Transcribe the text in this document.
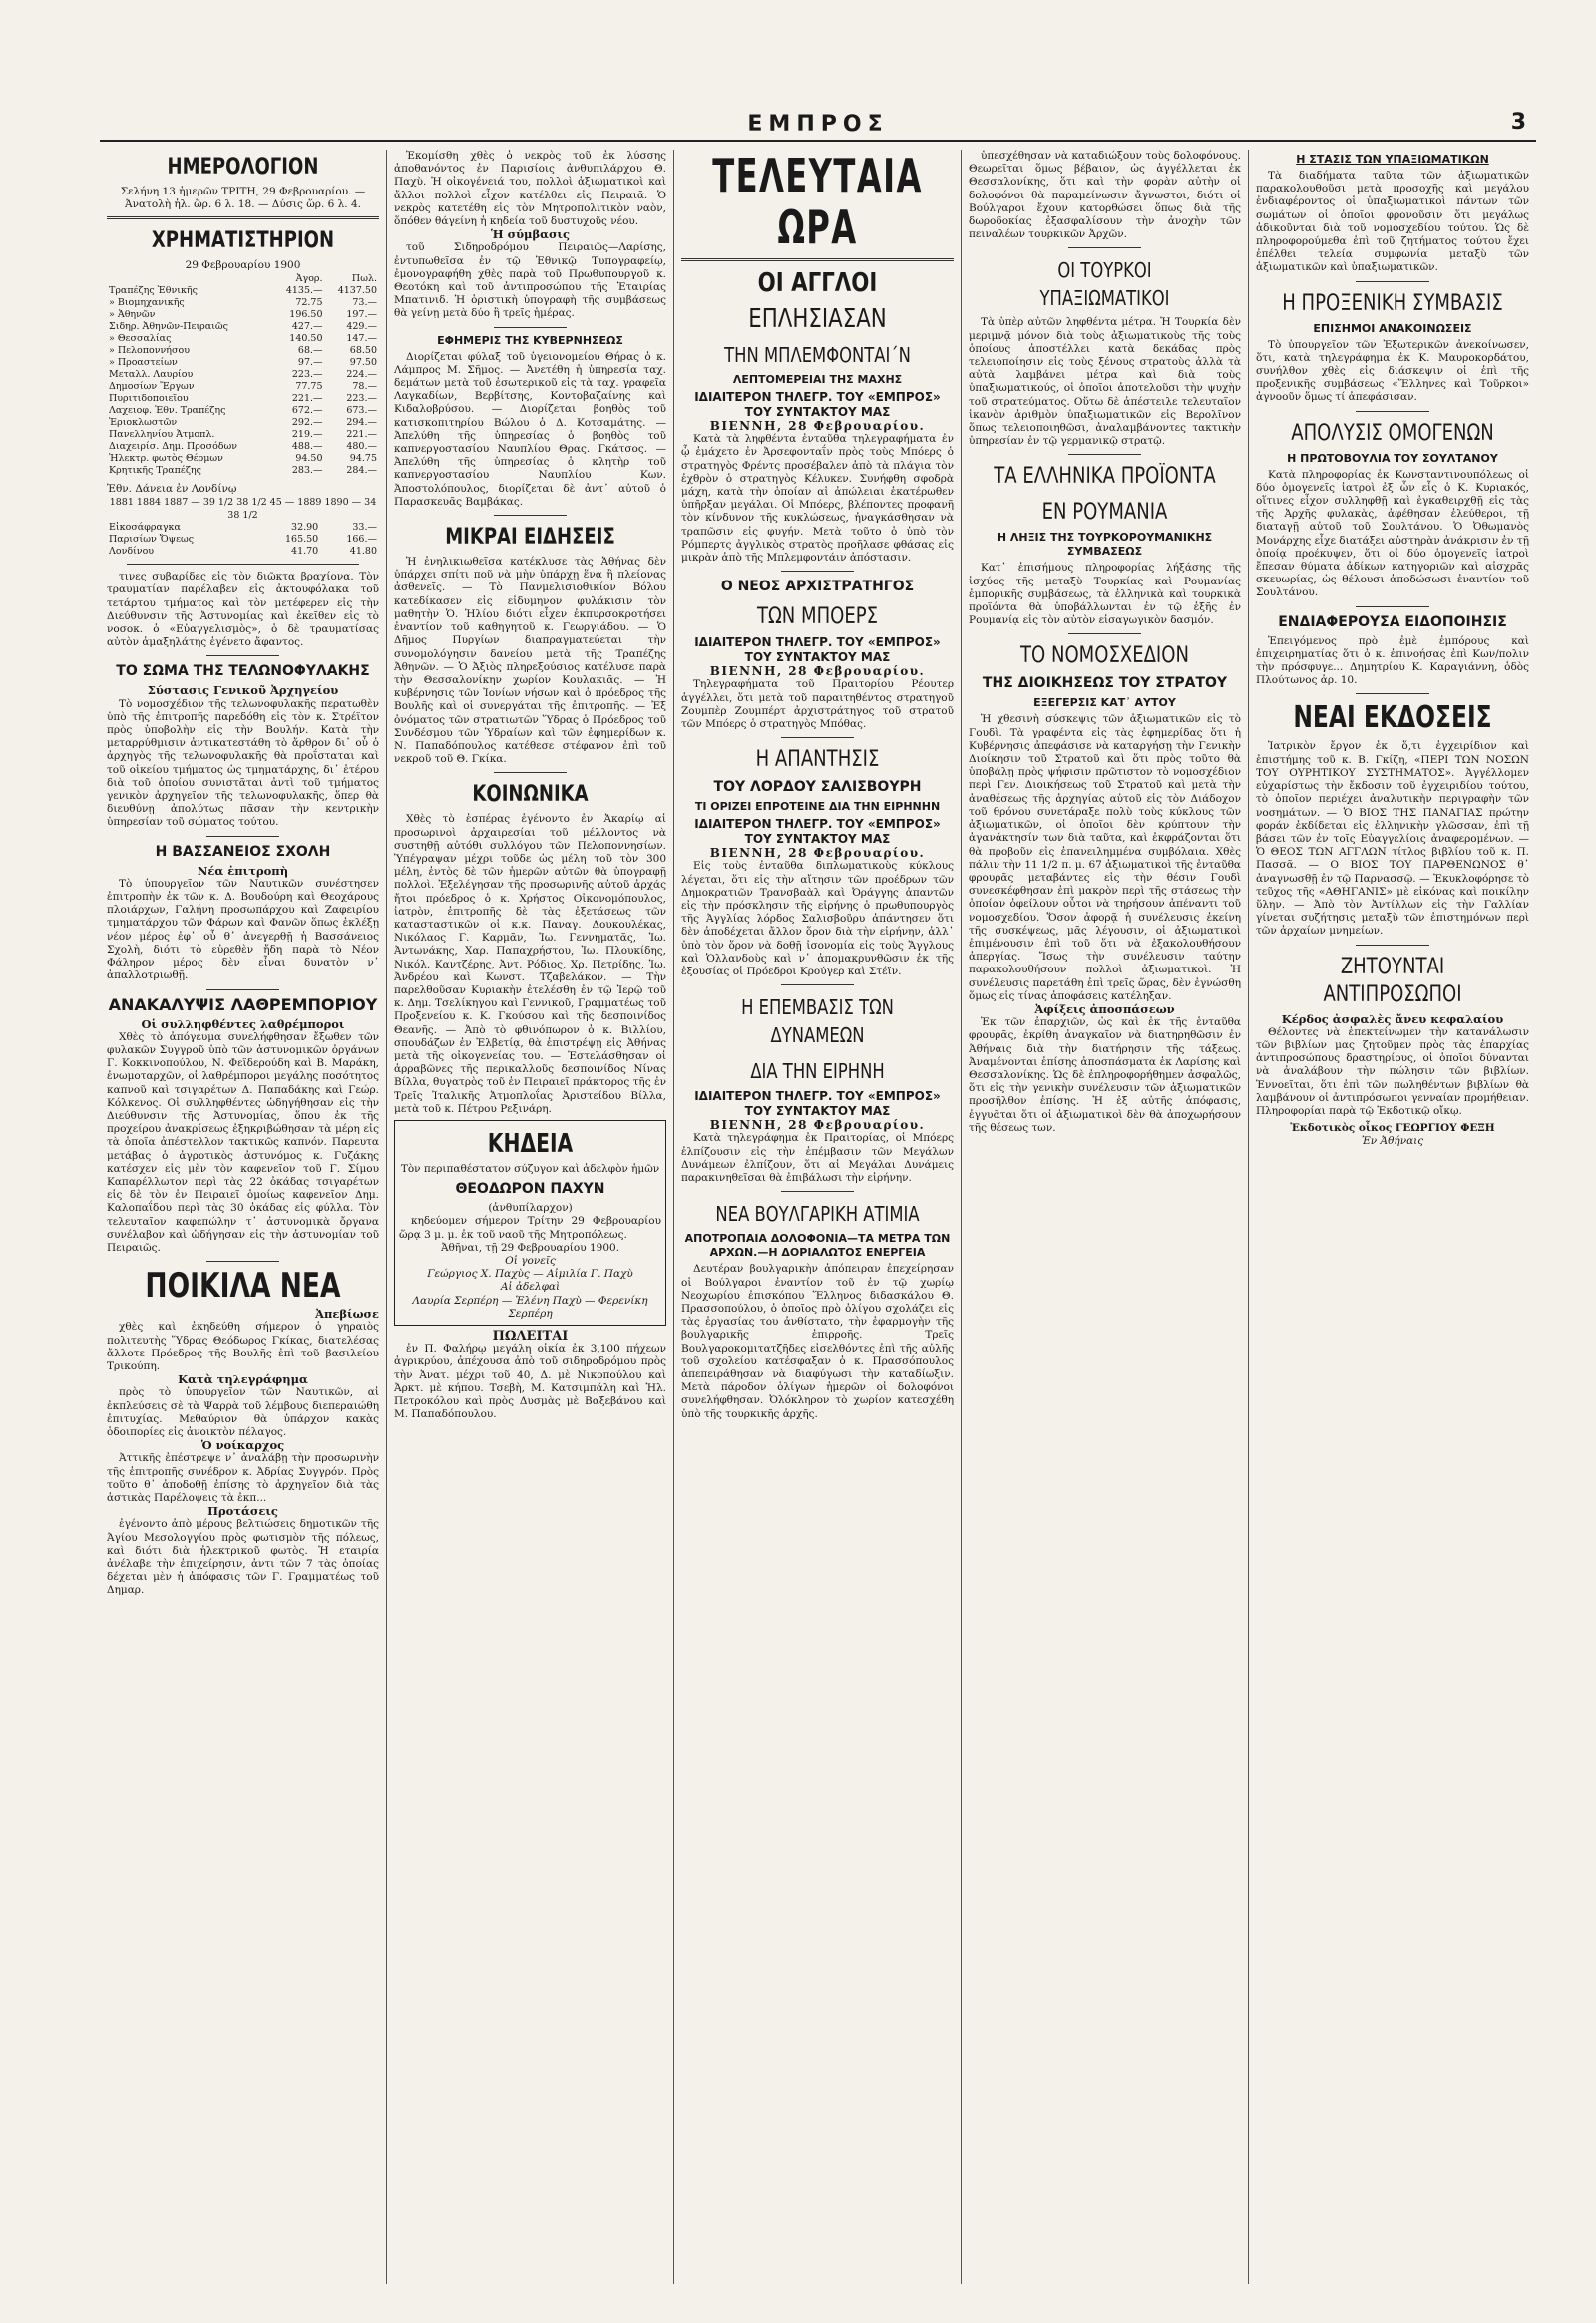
ΕΜΠΡΟΣ	3
ΗΜΕΡΟΛΟΓΙΟΝ

Σελήνη 13 ἡμερῶν ΤΡΙΤΗ, 29 Φεβρουαρίου. — Ἀνατολὴ ἡλ. ὥρ. 6 λ. 18. — Δύσις ὥρ. 6 λ. 4.

ΧΡΗΜΑΤΙΣΤΗΡΙΟΝ

29 Φεβρουαρίου 1900

	Ἀγορ.	Πωλ.
Τραπέζης Ἐθνικῆς	4135.—	4137.50
» Βιομηχανικῆς	72.75	73.—
» Ἀθηνῶν	196.50	197.—
Σιδηρ. Ἀθηνῶν-Πειραιῶς	427.—	429.—
» Θεσσαλίας	140.50	147.—
» Πελοποννήσου	68.—	68.50
» Προαστείων	97.—	97.50
Μεταλλ. Λαυρίου	223.—	224.—
Δημοσίων Ἔργων	77.75	78.—
Πυριτιδοποιεῖου	221.—	223.—
Λαχειοφ. Ἐθν. Τραπέζης	672.—	673.—
Ἐριοκλωστῶν	292.—	294.—
Πανελληνίου Ἀτμοπλ.	219.—	221.—
Διαχειρίσ. Δημ. Προσόδων	488.—	480.—
Ἠλεκτρ. φωτὸς Θέρμων	94.50	94.75
Κρητικῆς Τραπέζης	283.—	284.—
Ἐθν. Δάνεια ἐν Λονδίνῳ
1881 1884 1887 — 39 1/2 38 1/2 45 — 1889 1890 — 34 38 1/2
Εἰκοσάφραγκα	32.90	33.—
Παρισίων Ὄψεως	165.50	166.—
Λονδίνου	41.70	41.80

τινες συβαρίδες εἰς τὸν διῶκτα βραχίονα. Τὸν τραυματίαν παρέλαβεν εἰς ἀκτουφόλακα τοῦ τετάρτου τμήματος καὶ τὸν μετέφερεν εἰς τὴν Διεύθυνσιν τῆς Ἀστυνομίας καὶ ἐκεῖθεν εἰς τὸ νοσοκ. ὁ «Εὐαγγελισμὸς», ὁ δὲ τραυματίσας αὐτὸν ἀμαξηλάτης ἐγένετο ἄφαντος.

ΤΟ ΣΩΜΑ ΤΗΣ ΤΕΛΩΝΟΦΥΛΑΚΗΣ

Σύστασις Γενικοῦ Ἀρχηγείου

Τὸ νομοσχέδιον τῆς τελωνοφυλακῆς περατωθὲν ὑπὸ τῆς ἐπιτροπῆς παρεδόθη εἰς τὸν κ. Στρέϊτον πρὸς ὑποβολὴν εἰς τὴν Βουλήν. Κατὰ τὴν μεταρρύθμισιν ἀντικατεστάθη τὸ ἄρθρον δι᾽ οὗ ὁ ἀρχηγὸς τῆς τελωνοφυλακῆς θὰ προΐσταται καὶ τοῦ οἰκείου τμήματος ὡς τμηματάρχης, δι᾽ ἑτέρου διὰ τοῦ ὁποίου συνιστᾶται ἀντὶ τοῦ τμήματος γενικὸν ἀρχηγεῖον τῆς τελωνοφυλακῆς, ὅπερ θὰ διευθύνῃ ἀπολύτως πᾶσαν τὴν κεντρικὴν ὑπηρεσίαν τοῦ σώματος τούτου.

Η ΒΑΣΣΑΝΕΙΟΣ ΣΧΟΛΗ

Νέα ἐπιτροπὴ

Τὸ ὑπουργεῖον τῶν Ναυτικῶν συνέστησεν ἐπιτροπὴν ἐκ τῶν κ. Δ. Βουδούρη καὶ Θεοχάρους πλοιάρχων, Γαλήνη προσωπάρχου καὶ Ζαφειρίου τμηματάρχου τῶν Φάρων καὶ Φανῶν ὅπως ἐκλέξῃ νέον μέρος ἐφ᾽ οὗ θ᾽ ἀνεγερθῇ ἡ Βασσάνειος Σχολὴ, διότι τὸ εὑρεθὲν ἤδη παρὰ τὸ Νέον Φάληρον μέρος δὲν εἶναι δυνατὸν ν᾽ ἀπαλλοτριωθῇ.

ΑΝΑΚΑΛΥΨΙΣ ΛΑΘΡΕΜΠΟΡΙΟΥ

Οἱ συλληφθέντες λαθρέμποροι

Χθὲς τὸ ἀπόγευμα συνελήφθησαν ἔξωθεν τῶν φυλακῶν Συγγροῦ ὑπὸ τῶν ἀστυνομικῶν ὀργάνων Γ. Κοκκινοπούλου, Ν. Φεϊδερούδη καὶ Β. Μαράκη, ἐνωμοταρχῶν, οἱ λαθρέμποροι μεγάλης ποσότητος καπνοῦ καὶ τσιγαρέτων Δ. Παπαδάκης καὶ Γεώρ. Κόλκενος. Οἱ συλληφθέντες ὡδηγήθησαν εἰς τὴν Διεύθυνσιν τῆς Ἀστυνομίας, ὅπου ἐκ τῆς προχείρου ἀνακρίσεως ἐξηκριβώθησαν τὰ μέρη εἰς τὰ ὁποῖα ἀπέστελλον τακτικῶς καπνόν. Παρευτα μετάβας ὁ ἀγροτικὸς ἀστυνόμος κ. Γυζάκης κατέσχεν εἰς μὲν τὸν καφενεῖον τοῦ Γ. Σίμου Καπαρέλλωτον περὶ τὰς 22 ὀκάδας τσιγαρέτων εἰς δὲ τὸν ἐν Πειραιεῖ ὁμοίως καφενεῖον Δημ. Καλοπαΐδου περὶ τὰς 30 ὀκάδας εἰς φύλλα. Τὸν τελευταῖον καφεπώλην τ᾽ ἀστυνομικὰ ὄργανα συνέλαβον καὶ ὡδήγησαν εἰς τὴν ἀστυνομίαν τοῦ Πειραιῶς.

ΠΟΙΚΙΛΑ ΝΕΑ

Ἀπεβίωσε

χθὲς καὶ ἐκηδεύθη σήμερον ὁ γηραιὸς πολιτευτὴς Ὕδρας Θεόδωρος Γκίκας, διατελέσας ἄλλοτε Πρόεδρος τῆς Βουλῆς ἐπὶ τοῦ βασιλείου Τρικούπη.

Κατὰ τηλεγράφημα

πρὸς τὸ ὑπουργεῖον τῶν Ναυτικῶν, αἱ ἐκπλεύσεις σὲ τὰ Ψαρρὰ τοῦ λέμβους διεπεραιώθη ἐπιτυχίας. Μεθαύριον θὰ ὑπάρχον κακὰς ὁδοιπορίες εἰς ἀνοικτὸν πέλαγος.

Ὁ νοίκαρχος

Ἀττικῆς ἐπέστρεψε ν᾽ ἀναλάβῃ τὴν προσωρινὴν τῆς ἐπιτροπῆς συνέδρον κ. Ἀδρίας Συγγρόν. Πρὸς τοῦτο θ᾽ ἀποδοθῇ ἐπίσης τὸ ἀρχηγεῖον διὰ τὰς ἀστικὰς Παρέλοψεις τὰ ἐκπ...

Προτάσεις

ἐγένοντο ἀπὸ μέρους βελτιώσεις δημοτικῶν τῆς Ἀγίου Μεσολογγίου πρὸς φωτισμὸν τῆς πόλεως, καὶ διότι διὰ ἠλεκτρικοῦ φωτὸς. Ἡ εταιρία ἀνέλαβε τὴν ἐπιχείρησιν, ἀντι τῶν 7 τὰς ὁποίας δέχεται μὲν ἡ ἀπόφασις τῶν Γ. Γραμματέως τοῦ Δημαρ.

Ἐκομίσθη χθὲς ὁ νεκρὸς τοῦ ἐκ λύσσης ἀποθανόντος ἐν Παρισίοις ἀνθυπιλάρχου Θ. Παχὺ. Ἡ οἰκογένειά του, πολλοὶ ἀξιωματικοὶ καὶ ἄλλοι πολλοὶ εἶχον κατέλθει εἰς Πειραιᾶ. Ὁ νεκρὸς κατετέθη εἰς τὸν Μητροπολιτικὸν ναὸν, ὅπόθεν θάγείνη ἡ κηδεία τοῦ δυστυχοῦς νέου.

Ἡ σύμβασις

τοῦ Σιδηροδρόμου Πειραιῶς—Λαρίσης, ἐντυπωθεῖσα ἐν τῷ Ἐθνικῷ Τυπογραφείῳ, ἐμονογραφήθη χθὲς παρὰ τοῦ Πρωθυπουργοῦ κ. Θεοτόκη καὶ τοῦ ἀντιπροσώπου τῆς Ἐταιρίας Μπατινιδ. Ἡ ὁριστικὴ ὑπογραφὴ τῆς συμβάσεως θὰ γείνῃ μετὰ δύο ἢ τρεῖς ἡμέρας.

ΕΦΗΜΕΡΙΣ ΤΗΣ ΚΥΒΕΡΝΗΣΕΩΣ

Διορίζεται φύλαξ τοῦ ὑγειονομείου Θήρας ὁ κ. Λάμπρος Μ. Σῆμος. — Ἀνετέθη ἡ ὑπηρεσία ταχ. δεμάτων μετὰ τοῦ ἐσωτερικοῦ εἰς τὰ ταχ. γραφεῖα Λαγκαδίων, Βερβίτσης, Κοντοβαζαίνης καὶ Κιδαλοβρύσου. — Διορίζεται βοηθὸς τοῦ κατισκοπιτηρίου Βώλου ὁ Δ. Κοτσαμάτης. — Ἀπελύθη τῆς ὑπηρεσίας ὁ βοηθὸς τοῦ καπνεργοστασίου Ναυπλίου Θρας. Γκάτσος. — Ἀπελύθη τῆς ὑπηρεσίας ὁ κλητὴρ τοῦ καπνεργοστασίου Ναυπλίου Κων. Ἀποστολόπουλος, διορίζεται δὲ ἀντ᾽ αὐτοῦ ὁ Παρασκευᾶς Βαμβάκας.

ΜΙΚΡΑΙ ΕΙΔΗΣΕΙΣ

Ἡ ἐνηλικιωθεῖσα κατέκλυσε τὰς Ἀθήνας δὲν ὑπάρχει σπίτι ποῦ νὰ μὴν ὑπάρχῃ ἕνα ἢ πλείονας ἀσθενεῖς. — Τὸ Πανμελισιοθικίον Βόλου κατεδίκασεν εἰς εἰδυμηνον φυλάκισιν τὸν μαθητὴν Ὁ. Ἠλίου διότι εἶχεν ἐκπυρσοκροτήσει ἐναντίον τοῦ καθηγητοῦ κ. Γεωργιάδου. — Ὁ Δῆμος Πυργίων διαπραγματεύεται τὴν συνομολόγησιν δανείου μετὰ τῆς Τραπέζης Ἀθηνῶν. — Ὁ Ἀξιὸς πληρεξούσιος κατέλυσε παρὰ τὴν Θεσσαλονίκην χωρίον Κουλακιᾶς. — Ἡ κυβέρνησις τῶν Ἰονίων νήσων καὶ ὁ πρόεδρος τῆς Βουλῆς καὶ οἱ συνεργάται τῆς ἐπιτροπῆς. — Ἐξ ὀνόματος τῶν στρατιωτῶν Ὕδρας ὁ Πρόεδρος τοῦ Συνδέσμου τῶν Ὑδραίων καὶ τῶν ἐφημερίδων κ. Ν. Παπαδόπουλος κατέθεσε στέφανον ἐπὶ τοῦ νεκροῦ τοῦ Θ. Γκίκα.

ΚΟΙΝΩΝΙΚΑ

Χθὲς τὸ ἑσπέρας ἐγένοντο ἐν Ἀκαρίῳ αἱ προσωρινοὶ ἀρχαιρεσίαι τοῦ μέλλοντος νὰ συστηθῇ αὐτόθι συλλόγου τῶν Πελοποννησίων. Ὑπέγραψαν μέχρι τοῦδε ὡς μέλη τοῦ τὸν 300 μέλη, ἐντὸς δὲ τῶν ἡμερῶν αὐτῶν θὰ ὑπογραφῇ πολλοὶ. Ἐξελέγησαν τῆς προσωρινῆς αὐτοῦ ἀρχάς ἤτοι πρόεδρος ὁ κ. Χρήστος Οἰκονομόπουλος, ἰατρὸν, ἐπιτροπῆς δὲ τὰς ἐξετάσεως τῶν κατασταστικῶν οἱ κ.κ. Παναγ. Δουκουλέκας, Νικόλαος Γ. Καρμᾶν, Ἰω. Γεννηματᾶς, Ἰω. Ἀντωνάκης, Χαρ. Παπαχρήστου, Ἰω. Πλουκίδης, Νικόλ. Καντζέρης, Ἀντ. Ρόδιος, Χρ. Πετρίδης, Ἰω. Ἀνδρέου καὶ Κωνστ. Τζαβελάκον. — Τὴν παρελθοῦσαν Κυριακὴν ἐτελέσθη ἐν τῷ Ἱερῷ τοῦ κ. Δημ. Τσελίκηγου καὶ Γεννικοῦ, Γραμματέως τοῦ Προξενείου κ. Κ. Γκούσου καὶ τῆς δεσποινίδος Θεανῆς. — Ἀπὸ τὸ φθινόπωρον ὁ κ. Βιλλίου, σπουδάζων ἐν Ἑλβετίᾳ, θὰ ἐπιστρέψῃ εἰς Ἀθήνας μετὰ τῆς οἰκογενείας του. — Ἐστελάσθησαν οἱ ἀρραβῶνες τῆς περικαλλοῦς δεσποινίδος Νίνας Βίλλα, θυγατρὸς τοῦ ἐν Πειραιεῖ πράκτορος τῆς ἐν Τρεῖς Ἰταλικῆς Ἀτμοπλοΐας Ἀριστείδου Βίλλα, μετὰ τοῦ κ. Πέτρου Ρεξινάρη.

ΚΗΔΕΙΑ

Τὸν περιπαθέστατον σύζυγον καὶ ἀδελφὸν ἡμῶν

ΘΕΟΔΩΡΟΝ ΠΑΧΥΝ

(ἀνθυπίλαρχον)

κηδεύομεν σήμερον Τρίτην 29 Φεβρουαρίου ὥρᾳ 3 μ. μ. ἐκ τοῦ ναοῦ τῆς Μητροπόλεως.

Ἀθῆναι, τῇ 29 Φεβρουαρίου 1900.

Οἱ γονεῖς

Γεώργιος Χ. Παχὺς — Αἰμιλία Γ. Παχὺ

Αἱ ἀδελφαὶ

Λαυρία Σερπέρη — Ἑλένη Παχὺ — Φερενίκη Σερπέρη

ΠΩΛΕΙΤΑΙ

ἐν Π. Φαλήρῳ μεγάλη οἰκία ἐκ 3,100 πήχεων ἀγρικρύου, ἀπέχουσα ἀπὸ τοῦ σιδηροδρόμου πρὸς τὴν Ἀνατ. μέχρι τοῦ 40, Δ. μὲ Νικοπούλου καὶ Ἀρκτ. μὲ κήπου. Τσεβὴ, Μ. Κατσιμπάλη καὶ Ἠλ. Πετροκόλου καὶ πρὸς Δυσμὰς μὲ Βαξεβάνου καὶ Μ. Παπαδόπουλου.

ΤΕΛΕΥΤΑΙΑ ΩΡΑ
ΟΙ ΑΓΓΛΟΙ
ΕΠΛΗΣΙΑΣΑΝ
ΤΗΝ ΜΠΛΕΜΦΟΝΤΑΙ΄Ν
ΛΕΠΤΟΜΕΡΕΙΑΙ ΤΗΣ ΜΑΧΗΣ
ΙΔΙΑΙΤΕΡΟΝ ΤΗΛΕΓΡ. ΤΟΥ «ΕΜΠΡΟΣ» ΤΟΥ ΣΥΝΤΑΚΤΟΥ ΜΑΣ

ΒΙΕΝΝΗ, 28 Φεβρουαρίου.

Κατὰ τὰ ληφθέντα ἐνταῦθα τηλεγραφήματα ἐν ᾧ ἐμάχετο ἐν Ἀρσεφονταΐν πρὸς τοὺς Μπόερς ὁ στρατηγὸς Φρέντς προσέβαλεν ἀπὸ τὰ πλάγια τὸν ἐχθρὸν ὁ στρατηγὸς Κέλυκεν. Συνήφθη σφοδρὰ μάχη, κατὰ τὴν ὁποίαν αἱ ἀπώλειαι ἑκατέρωθεν ὑπῆρξαν μεγάλαι. Οἱ Μπόερς, βλέποντες προφανῆ τὸν κίνδυνον τῆς κυκλώσεως, ἠναγκάσθησαν νὰ τραπῶσιν εἰς φυγήν. Μετὰ τοῦτο ὁ ὑπὸ τὸν Ρόμπερτς ἀγγλικὸς στρατὸς προῆλασε φθάσας εἰς μικρὰν ἀπὸ τῆς Μπλεμφοντάιν ἀπόστασιν.

Ο ΝΕΟΣ ΑΡΧΙΣΤΡΑΤΗΓΟΣ
ΤΩΝ ΜΠΟΕΡΣ
ΙΔΙΑΙΤΕΡΟΝ ΤΗΛΕΓΡ. ΤΟΥ «ΕΜΠΡΟΣ» ΤΟΥ ΣΥΝΤΑΚΤΟΥ ΜΑΣ

ΒΙΕΝΝΗ, 28 Φεβρουαρίου.

Τηλεγραφήματα τοῦ Πραιτορίου Ρέουτερ ἀγγέλλει, ὅτι μετὰ τοῦ παραιτηθέντος στρατηγοῦ Ζουμπὲρ Ζουμπέρτ ἀρχιστράτηγος τοῦ στρατοῦ τῶν Μπόερς ὁ στρατηγὸς Μπόθας.

Η ΑΠΑΝΤΗΣΙΣ
ΤΟΥ ΛΟΡΔΟΥ ΣΑΛΙΣΒΟΥΡΗ
ΤΙ ΟΡΙΖΕΙ ΕΠΡΟΤΕΙΝΕ ΔΙΑ ΤΗΝ ΕΙΡΗΝΗΝ
ΙΔΙΑΙΤΕΡΟΝ ΤΗΛΕΓΡ. ΤΟΥ «ΕΜΠΡΟΣ» ΤΟΥ ΣΥΝΤΑΚΤΟΥ ΜΑΣ

ΒΙΕΝΝΗ, 28 Φεβρουαρίου.

Εἰς τοὺς ἐνταῦθα διπλωματικοὺς κύκλους λέγεται, ὅτι εἰς τὴν αἴτησιν τῶν προέδρων τῶν Δημοκρατιῶν Τρανσβαὰλ καὶ Ὀράγγης ἀπαντῶν εἰς τὴν πρόσκλησιν τῆς εἰρήνης ὁ πρωθυπουργὸς τῆς Ἀγγλίας λόρδος Σαλισβοῦρυ ἀπάντησεν ὅτι δὲν ἀποδέχεται ἄλλον ὅρον διὰ τὴν εἰρήνην, ἀλλ᾽ ὑπὸ τὸν ὅρον νὰ δοθῇ ἰσονομία εἰς τοὺς Ἄγγλους καὶ Ὁλλανδοὺς καὶ ν᾽ ἀπομακρυνθῶσιν ἐκ τῆς ἐξουσίας οἱ Πρόεδροι Κρούγερ καὶ Στέϊν.

Η ΕΠΕΜΒΑΣΙΣ ΤΩΝ ΔΥΝΑΜΕΩΝ
ΔΙΑ ΤΗΝ ΕΙΡΗΝΗ
ΙΔΙΑΙΤΕΡΟΝ ΤΗΛΕΓΡ. ΤΟΥ «ΕΜΠΡΟΣ» ΤΟΥ ΣΥΝΤΑΚΤΟΥ ΜΑΣ

ΒΙΕΝΝΗ, 28 Φεβρουαρίου.

Κατὰ τηλεγράφημα ἐκ Πραιτορίας, οἱ Μπόερς ἐλπίζουσιν εἰς τὴν ἐπέμβασιν τῶν Μεγάλων Δυνάμεων ἐλπίζουν, ὅτι αἱ Μεγάλαι Δυνάμεις παρακινηθεῖσαι θὰ ἐπιβάλωσι τὴν εἰρήνην.

ΝΕΑ ΒΟΥΛΓΑΡΙΚΗ ΑΤΙΜΙΑ
ΑΠΟΤΡΟΠΑΙΑ ΔΟΛΟΦΟΝΙΑ—ΤΑ ΜΕΤΡΑ ΤΩΝ ΑΡΧΩΝ.—Η ΔΟΡΙΑΛΩΤΟΣ ΕΝΕΡΓΕΙΑ

Δευτέραν βουλγαρικὴν ἀπόπειραν ἐπεχείρησαν οἱ Βούλγαροι ἐναντίον τοῦ ἐν τῷ χωρίῳ Νεοχωρίου ἐπισκόπου Ἕλληνος διδασκάλου Θ. Πρασσοπούλου, ὁ ὁποῖος πρὸ ὀλίγου σχολάζει εἰς τὰς ἐργασίας του ἀνθίστατο, τὴν ἐφαρμογὴν τῆς βουλγαρικῆς ἐπιρροῆς. Τρεῖς Βουλγαροκομιτατζῆδες εἰσελθόντες ἐπὶ τῆς αὐλῆς τοῦ σχολείου κατέσφαξαν ὁ κ. Πρασσόπουλος ἀπεπειράθησαν νὰ διαφύγωσι τὴν καταδίωξιν. Μετὰ πάροδον ὁλίγων ἡμερῶν οἱ δολοφόνοι συνελήφθησαν. Ὀλόκληρον τὸ χωρίον κατεσχέθη ὑπὸ τῆς τουρκικῆς ἀρχῆς.

ὑπεσχέθησαν νὰ καταδιώξουν τοὺς δολοφόνους. Θεωρεῖται ὅμως βέβαιον, ὡς ἀγγέλλεται ἐκ Θεσσαλονίκης, ὅτι καὶ τὴν φορὰν αὐτὴν οἱ δολοφόνοι θὰ παραμείνωσιν ἄγνωστοι, διότι οἱ Βούλγαροι ἔχουν κατορθώσει ὅπως διὰ τῆς δωροδοκίας ἐξασφαλίσουν τὴν ἀνοχὴν τῶν πειναλέων τουρκικῶν Ἀρχῶν.

ΟΙ ΤΟΥΡΚΟΙ ΥΠΑΞΙΩΜΑΤΙΚΟΙ

Τὰ ὑπὲρ αὐτῶν ληφθέντα μέτρα. Ἡ Τουρκία δὲν μεριμνᾷ μόνον διὰ τοὺς ἀξιωματικοὺς τῆς τοὺς ὁποίους ἀποστέλλει κατὰ δεκάδας πρὸς τελειοποίησιν εἰς τοὺς ξένους στρατοὺς ἀλλὰ τὰ αὐτὰ λαμβάνει μέτρα καὶ διὰ τοὺς ὑπαξιωματικούς, οἱ ὁποῖοι ἀποτελοῦσι τὴν ψυχὴν τοῦ στρατεύματος. Οὕτω δὲ ἀπέστειλε τελευταῖον ἱκανὸν ἀριθμὸν ὑπαξιωματικῶν εἰς Βερολῖνον ὅπως τελειοποιηθῶσι, ἀναλαμβάνοντες τακτικὴν ὑπηρεσίαν ἐν τῷ γερμανικῷ στρατῷ.

ΤΑ ΕΛΛΗΝΙΚΑ ΠΡΟΪΟΝΤΑ
ΕΝ ΡΟΥΜΑΝΙΑ
Η ΛΗΞΙΣ ΤΗΣ ΤΟΥΡΚΟΡΟΥΜΑΝΙΚΗΣ ΣΥΜΒΑΣΕΩΣ

Κατ᾽ ἐπισήμους πληροφορίας λήξάσης τῆς ἰσχύος τῆς μεταξὺ Τουρκίας καὶ Ρουμανίας ἐμπορικῆς συμβάσεως, τὰ ἑλληνικὰ καὶ τουρκικὰ προϊόντα θὰ ὑποβάλλωνται ἐν τῷ ἑξῆς ἐν Ρουμανίᾳ εἰς τὸν αὐτὸν εἰσαγωγικὸν δασμόν.

ΤΟ ΝΟΜΟΣΧΕΔΙΟΝ
ΤΗΣ ΔΙΟΙΚΗΣΕΩΣ ΤΟΥ ΣΤΡΑΤΟΥ
ΕΞΕΓΕΡΣΙΣ ΚΑΤ᾽ ΑΥΤΟΥ

Ἡ χθεσινὴ σύσκεψις τῶν ἀξιωματικῶν εἰς τὸ Γουδὶ. Τὰ γραφέντα εἰς τὰς ἐφημερίδας ὅτι ἡ Κυβέρνησις ἀπεφάσισε νὰ καταργήσῃ τὴν Γενικὴν Διοίκησιν τοῦ Στρατοῦ καὶ ὅτι πρὸς τοῦτο θὰ ὑποβάλῃ πρὸς ψήφισιν πρῶτιστον τὸ νομοσχέδιον περὶ Γεν. Διοικήσεως τοῦ Στρατοῦ καὶ μετὰ τὴν ἀναθέσεως τῆς ἀρχηγίας αὐτοῦ εἰς τὸν Διάδοχον τοῦ θρόνου συνετάραξε πολὺ τοὺς κύκλους τῶν ἀξιωματικῶν, οἱ ὁποῖοι δὲν κρύπτουν τὴν ἀγανάκτησίν των διὰ ταῦτα, καὶ ἐκφράζονται ὅτι θὰ προβοῦν εἰς ἐπανειλημμένα συμβόλαια. Χθὲς πάλιν τὴν 11 1/2 π. μ. 67 ἀξιωματικοὶ τῆς ἐνταῦθα φρουρᾶς μεταβάντες εἰς τὴν θέσιν Γουδὶ συνεσκέφθησαν ἐπὶ μακρὸν περὶ τῆς στάσεως τὴν ὁποίαν ὀφείλουν οὗτοι νὰ τηρήσουν ἀπέναντι τοῦ νομοσχεδίου. Ὅσον ἀφορᾷ ἡ συνέλευσις ἐκείνη τῆς συσκέψεως, μᾶς λέγουσιν, οἱ ἀξιωματικοὶ ἐπιμένουσιν ἐπὶ τοῦ ὅτι νὰ ἐξακολουθήσουν ἀπεργίας. Ἴσως τὴν συνέλευσιν ταύτην παρακολουθήσουν πολλοὶ ἀξιωματικοὶ. Ἡ συνέλευσις παρετάθη ἐπὶ τρεῖς ὥρας, δὲν ἐγνώσθη ὅμως εἰς τίνας ἀποφάσεις κατέληξαν.

Ἀφίξεις ἀποσπάσεων

Ἐκ τῶν ἐπαρχιῶν, ὡς καὶ ἐκ τῆς ἑνταῦθα φρουρᾶς, ἐκρίθη ἀναγκαῖον νὰ διατηρηθῶσιν ἐν Ἀθήναις διὰ τὴν διατήρησιν τῆς τάξεως. Ἀναμένονται ἐπίσης ἀποσπάσματα ἐκ Λαρίσης καὶ Θεσσαλονίκης. Ὡς δὲ ἐπληροφορήθημεν ἀσφαλῶς, ὅτι εἰς τὴν γενικὴν συνέλευσιν τῶν ἀξιωματικῶν προσῆλθον ἐπίσης. Ἡ ἐξ αὐτῆς ἀπόφασις, ἐγγυᾶται ὅτι οἱ ἀξιωματικοὶ δὲν θὰ ἀποχωρήσουν τῆς θέσεως των.

Η ΣΤΑΣΙΣ ΤΩΝ ΥΠΑΞΙΩΜΑΤΙΚΩΝ

Τὰ διαδήματα ταῦτα τῶν ἀξιωματικῶν παρακολουθοῦσι μετὰ προσοχῆς καὶ μεγάλου ἐνδιαφέροντος οἱ ὑπαξιωματικοὶ πάντων τῶν σωμάτων οἱ ὁποῖοι φρονοῦσιν ὅτι μεγάλως ἀδικοῦνται διὰ τοῦ νομοσχεδίου τούτου. Ὡς δὲ πληροφορούμεθα ἐπὶ τοῦ ζητήματος τούτου ἔχει ἐπέλθει τελεία συμφωνία μεταξὺ τῶν ἀξιωματικῶν καὶ ὑπαξιωματικῶν.

Η ΠΡΟΞΕΝΙΚΗ ΣΥΜΒΑΣΙΣ
ΕΠΙΣΗΜΟΙ ΑΝΑΚΟΙΝΩΣΕΙΣ

Τὸ ὑπουργεῖον τῶν Ἐξωτερικῶν ἀνεκοίνωσεν, ὅτι, κατὰ τηλεγράφημα ἐκ Κ. Μαυροκορδάτου, συνήλθον χθὲς εἰς διάσκεψιν οἱ ἐπὶ τῆς προξενικῆς συμβάσεως «Ἕλληνες καὶ Τοῦρκοι» ἀγνοοῦν ὅμως τί ἀπεφάσισαν.

ΑΠΟΛΥΣΙΣ ΟΜΟΓΕΝΩΝ
Η ΠΡΩΤΟΒΟΥΛΙΑ ΤΟΥ ΣΟΥΛΤΑΝΟΥ

Κατὰ πληροφορίας ἐκ Κωνσταντινουπόλεως οἱ δύο ὁμογενεῖς ἰατροὶ ἐξ ὧν εἷς ὁ Κ. Κυριακός, οἵτινες εἶχον συλληφθῇ καὶ ἐγκαθειρχθῇ εἰς τὰς τῆς Ἀρχῆς φυλακὰς, ἀφέθησαν ἐλεύθεροι, τῇ διαταγῇ αὐτοῦ τοῦ Σουλτάνου. Ὁ Ὀθωμανὸς Μονάρχης εἶχε διατάξει αὐστηρὰν ἀνάκρισιν ἐν τῇ ὁποίᾳ προέκυψεν, ὅτι οἱ δύο ὁμογενεῖς ἰατροὶ ἔπεσαν θύματα ἀδίκων κατηγοριῶν καὶ αἰσχρᾶς σκευωρίας, ὡς θέλουσι ἀποδώσωσι ἐναντίον τοῦ Σουλτάνου.

ΕΝΔΙΑΦΕΡΟΥΣΑ ΕΙΔΟΠΟΙΗΣΙΣ

Ἐπειγόμενος πρὸ ἐμὲ ἐμπόρους καὶ ἐπιχειρηματίας ὅτι ὁ κ. ἐπινοήσας ἐπὶ Κων/πολιν τὴν πρόσφυγε... Δημητρίου Κ. Καραγιάννη, ὁδὸς Πλούτωνος ἀρ. 10.

ΝΕΑΙ ΕΚΔΟΣΕΙΣ

Ἰατρικὸν ἔργον ἐκ ὅ,τι ἐγχειρίδιον καὶ ἐπιστήμης τοῦ κ. Β. Γκίζη, «ΠΕΡΙ ΤΩΝ ΝΟΣΩΝ ΤΟΥ ΟΥΡΗΤΙΚΟΥ ΣΥΣΤΗΜΑΤΟΣ». Ἀγγέλλομεν εὐχαρίστως τὴν ἔκδοσιν τοῦ ἐγχειριδίου τούτου, τὸ ὁποῖον περιέχει ἀναλυτικὴν περιγραφὴν τῶν νοσημάτων. — Ὁ ΒΙΟΣ ΤΗΣ ΠΑΝΑΓΙΑΣ πρώτην φοράν ἐκδίδεται εἰς ἑλληνικὴν γλῶσσαν, ἐπὶ τῇ βάσει τῶν ἐν τοῖς Εὐαγγελίοις ἀναφερομένων. — Ὁ ΘΕΟΣ ΤΩΝ ΑΓΓΛΩΝ τίτλος βιβλίου τοῦ κ. Π. Πασσᾶ. — Ο ΒΙΟΣ ΤΟΥ ΠΑΡΘΕΝΩΝΟΣ θ᾽ ἀναγνωσθῇ ἐν τῷ Παρνασσῷ. — Ἐκυκλοφόρησε τὸ τεῦχος τῆς «ΑΘΗΓΑΝΙΣ» μὲ εἰκόνας καὶ ποικίλην ὕλην. — Ἀπὸ τὸν Ἀντίλλων εἰς τὴν Γαλλίαν γίνεται συζήτησις μεταξὺ τῶν ἐπιστημόνων περὶ τῶν ἀρχαίων μνημείων.

ΖΗΤΟΥΝΤΑΙ ΑΝΤΙΠΡΟΣΩΠΟΙ

Κέρδος ἀσφαλὲς ἄνευ κεφαλαίου

Θέλοντες νὰ ἐπεκτείνωμεν τὴν κατανάλωσιν τῶν βιβλίων μας ζητοῦμεν πρὸς τὰς ἐπαρχίας ἀντιπροσώπους δραστηρίους, οἱ ὁποῖοι δύνανται νὰ ἀναλάβουν τὴν πώλησιν τῶν βιβλίων. Ἐννοεῖται, ὅτι ἐπὶ τῶν πωληθέντων βιβλίων θὰ λαμβάνουν οἱ ἀντιπρόσωποι γενναίαν προμήθειαν. Πληροφορίαι παρὰ τῷ Ἐκδοτικῷ οἴκῳ.

Ἐκδοτικὸς οἶκος ΓΕΩΡΓΙΟΥ ΦΕΞΗ

Ἐν Ἀθήναις
